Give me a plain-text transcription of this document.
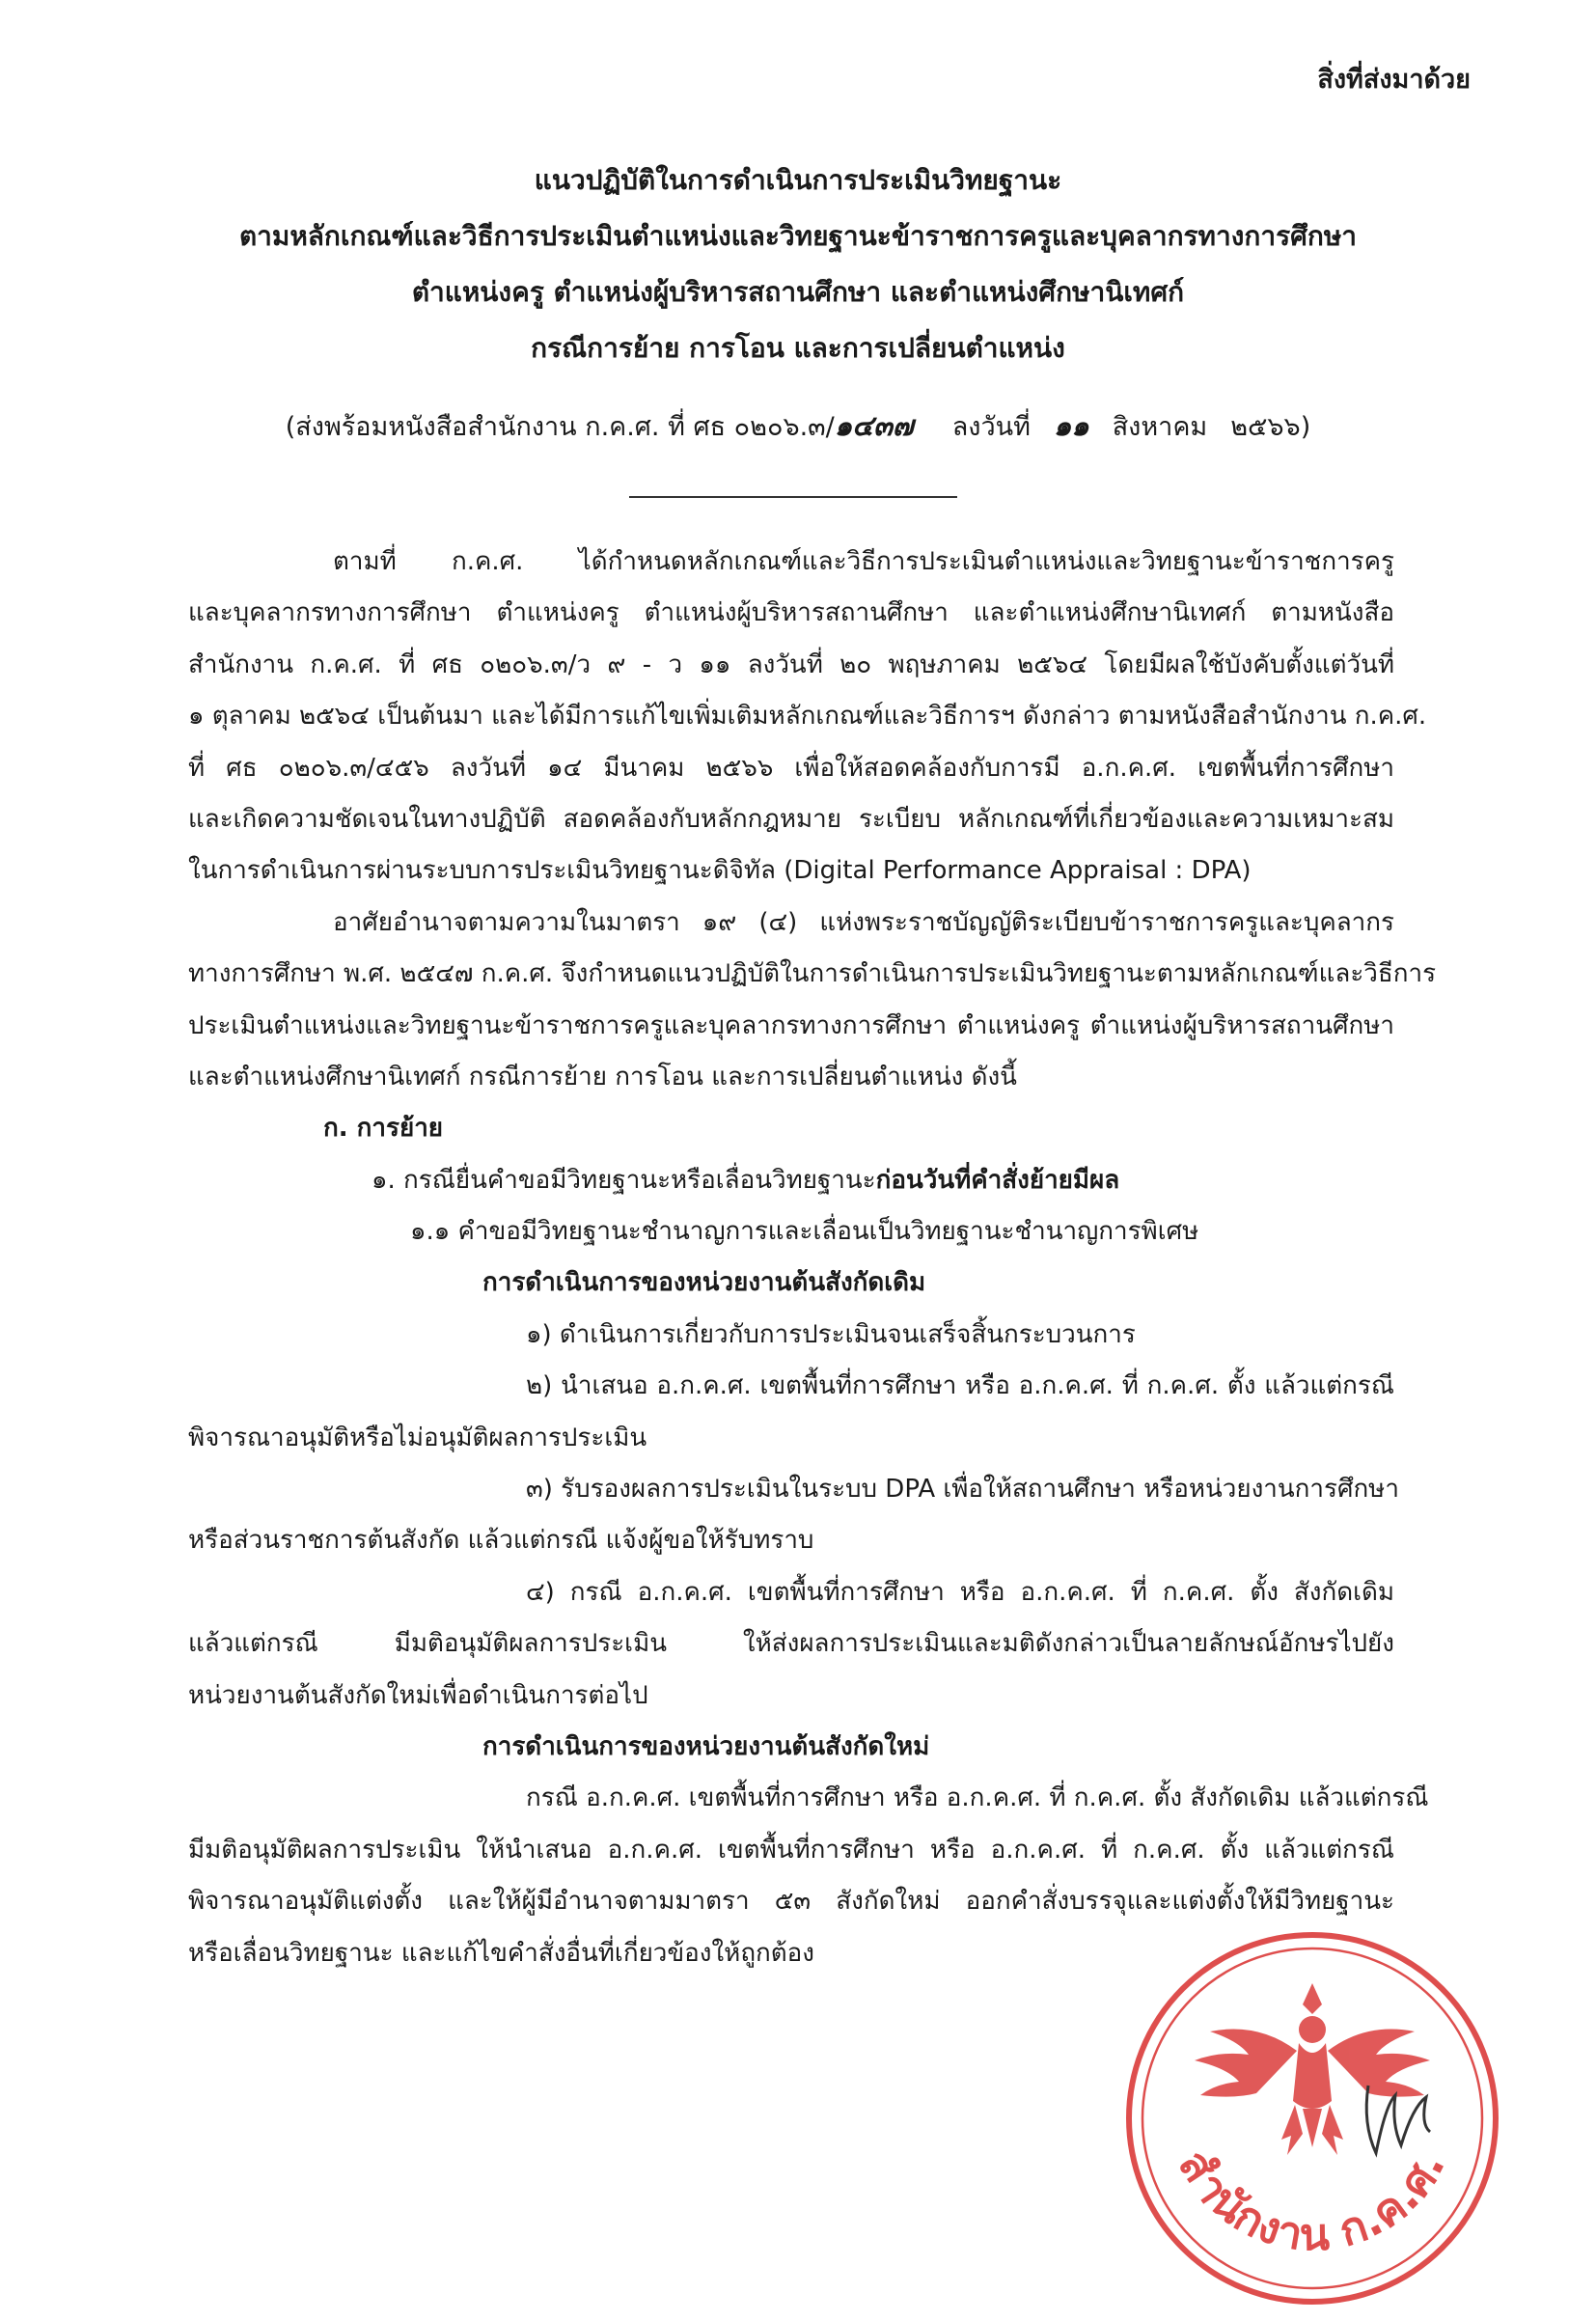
สิ่งที่ส่งมาด้วย
แนวปฏิบัติในการดำเนินการประเมินวิทยฐานะ
ตามหลักเกณฑ์และวิธีการประเมินตำแหน่งและวิทยฐานะข้าราชการครูและบุคลากรทางการศึกษา
ตำแหน่งครู ตำแหน่งผู้บริหารสถานศึกษา และตำแหน่งศึกษานิเทศก์
กรณีการย้าย การโอน และการเปลี่ยนตำแหน่ง
(ส่งพร้อมหนังสือสำนักงาน ก.ค.ศ. ที่ ศธ ๐๒๐๖.๓/๑๔๓๗ ลงวันที่ ๑๑ สิงหาคม ๒๕๖๖)
ตามที่ ก.ค.ศ. ได้กำหนดหลักเกณฑ์และวิธีการประเมินตำแหน่งและวิทยฐานะข้าราชการครู
และบุคลากรทางการศึกษา ตำแหน่งครู ตำแหน่งผู้บริหารสถานศึกษา และตำแหน่งศึกษานิเทศก์ ตามหนังสือ
สำนักงาน ก.ค.ศ. ที่ ศธ ๐๒๐๖.๓/ว ๙ - ว ๑๑ ลงวันที่ ๒๐ พฤษภาคม ๒๕๖๔ โดยมีผลใช้บังคับตั้งแต่วันที่
๑ ตุลาคม ๒๕๖๔ เป็นต้นมา และได้มีการแก้ไขเพิ่มเติมหลักเกณฑ์และวิธีการฯ ดังกล่าว ตามหนังสือสำนักงาน ก.ค.ศ.
ที่ ศธ ๐๒๐๖.๓/๔๕๖ ลงวันที่ ๑๔ มีนาคม ๒๕๖๖ เพื่อให้สอดคล้องกับการมี อ.ก.ค.ศ. เขตพื้นที่การศึกษา
และเกิดความชัดเจนในทางปฏิบัติ สอดคล้องกับหลักกฎหมาย ระเบียบ หลักเกณฑ์ที่เกี่ยวข้องและความเหมาะสม
ในการดำเนินการผ่านระบบการประเมินวิทยฐานะดิจิทัล (Digital Performance Appraisal : DPA)
อาศัยอำนาจตามความในมาตรา ๑๙ (๔) แห่งพระราชบัญญัติระเบียบข้าราชการครูและบุคลากร
ทางการศึกษา พ.ศ. ๒๕๔๗ ก.ค.ศ. จึงกำหนดแนวปฏิบัติในการดำเนินการประเมินวิทยฐานะตามหลักเกณฑ์และวิธีการ
ประเมินตำแหน่งและวิทยฐานะข้าราชการครูและบุคลากรทางการศึกษา ตำแหน่งครู ตำแหน่งผู้บริหารสถานศึกษา
และตำแหน่งศึกษานิเทศก์ กรณีการย้าย การโอน และการเปลี่ยนตำแหน่ง ดังนี้
ก. การย้าย
๑. กรณียื่นคำขอมีวิทยฐานะหรือเลื่อนวิทยฐานะก่อนวันที่คำสั่งย้ายมีผล
๑.๑ คำขอมีวิทยฐานะชำนาญการและเลื่อนเป็นวิทยฐานะชำนาญการพิเศษ
การดำเนินการของหน่วยงานต้นสังกัดเดิม
๑) ดำเนินการเกี่ยวกับการประเมินจนเสร็จสิ้นกระบวนการ
๒) นำเสนอ อ.ก.ค.ศ. เขตพื้นที่การศึกษา หรือ อ.ก.ค.ศ. ที่ ก.ค.ศ. ตั้ง แล้วแต่กรณี
พิจารณาอนุมัติหรือไม่อนุมัติผลการประเมิน
๓) รับรองผลการประเมินในระบบ DPA เพื่อให้สถานศึกษา หรือหน่วยงานการศึกษา
หรือส่วนราชการต้นสังกัด แล้วแต่กรณี แจ้งผู้ขอให้รับทราบ
๔) กรณี อ.ก.ค.ศ. เขตพื้นที่การศึกษา หรือ อ.ก.ค.ศ. ที่ ก.ค.ศ. ตั้ง สังกัดเดิม
แล้วแต่กรณี มีมติอนุมัติผลการประเมิน ให้ส่งผลการประเมินและมติดังกล่าวเป็นลายลักษณ์อักษรไปยัง
หน่วยงานต้นสังกัดใหม่เพื่อดำเนินการต่อไป
การดำเนินการของหน่วยงานต้นสังกัดใหม่
กรณี อ.ก.ค.ศ. เขตพื้นที่การศึกษา หรือ อ.ก.ค.ศ. ที่ ก.ค.ศ. ตั้ง สังกัดเดิม แล้วแต่กรณี
มีมติอนุมัติผลการประเมิน ให้นำเสนอ อ.ก.ค.ศ. เขตพื้นที่การศึกษา หรือ อ.ก.ค.ศ. ที่ ก.ค.ศ. ตั้ง แล้วแต่กรณี
พิจารณาอนุมัติแต่งตั้ง และให้ผู้มีอำนาจตามมาตรา ๕๓ สังกัดใหม่ ออกคำสั่งบรรจุและแต่งตั้งให้มีวิทยฐานะ
หรือเลื่อนวิทยฐานะ และแก้ไขคำสั่งอื่นที่เกี่ยวข้องให้ถูกต้อง
สำนักงาน ก.ค.ศ.
